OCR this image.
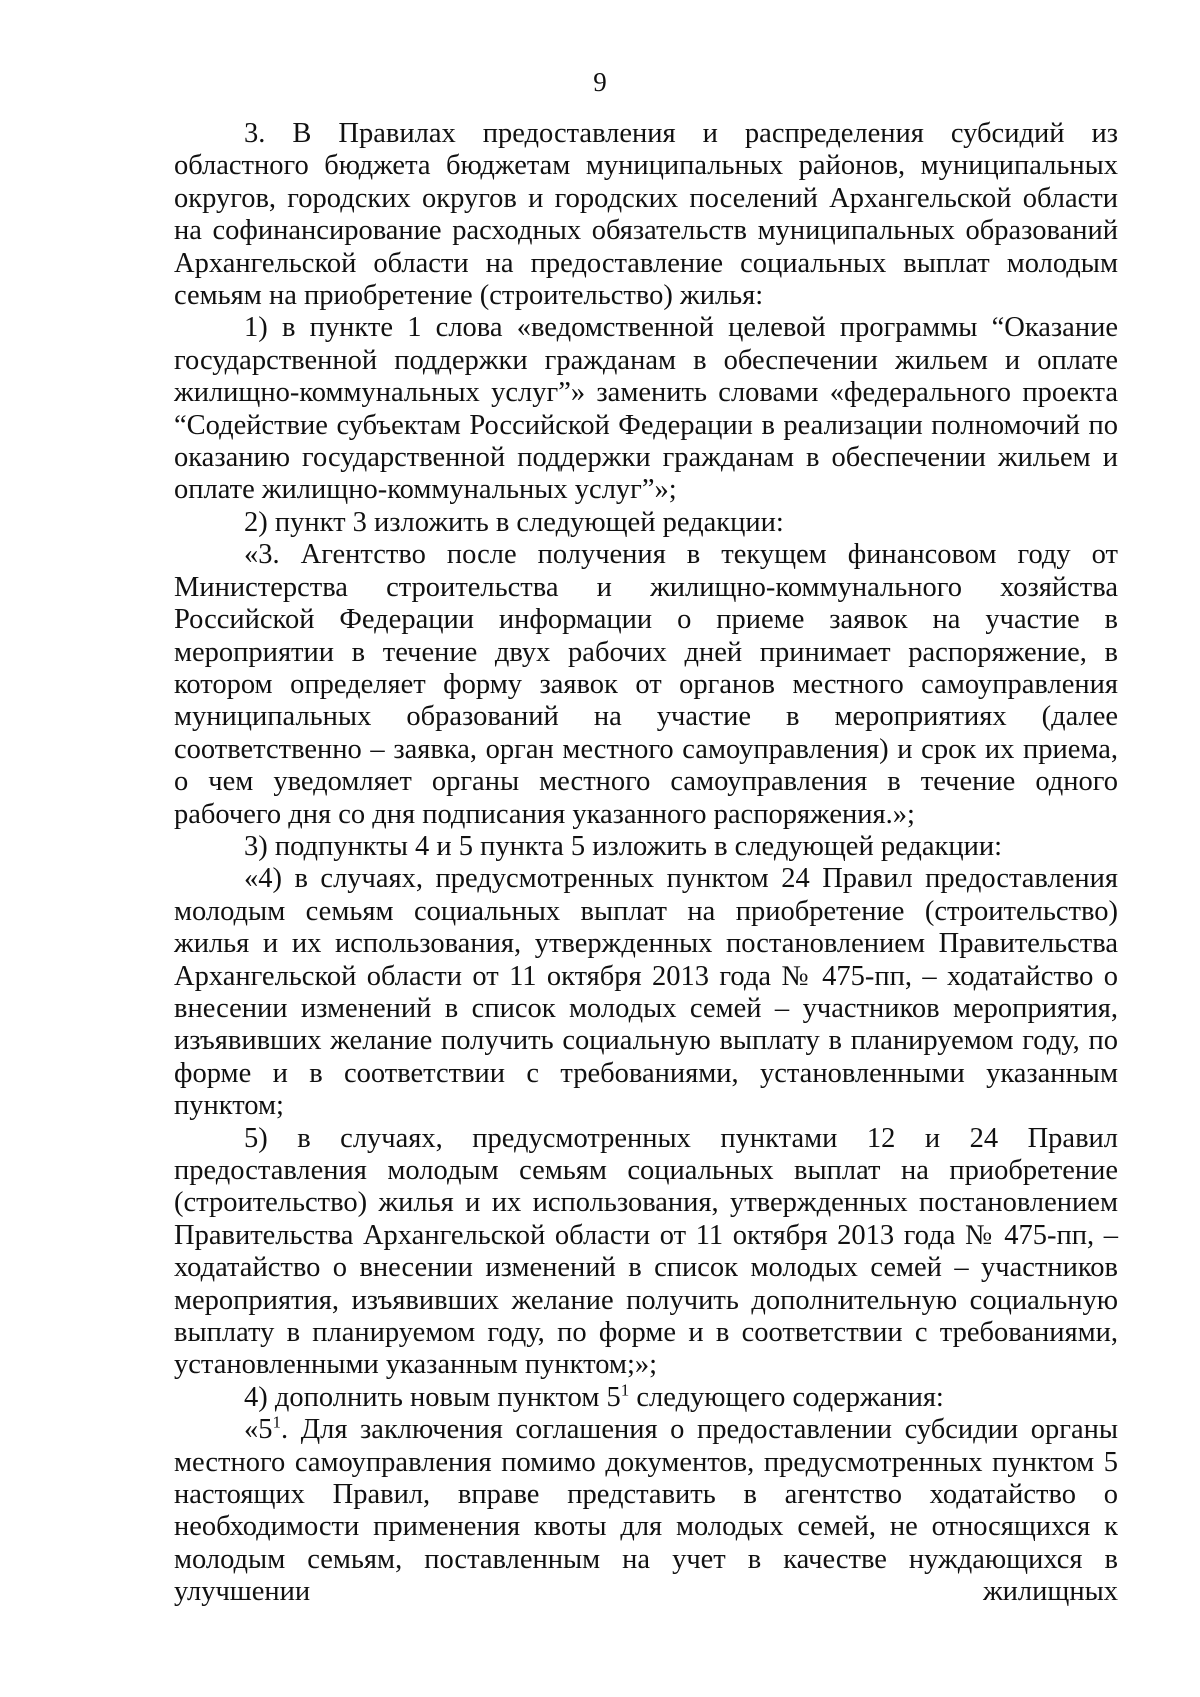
9

3. В Правилах предоставления и распределения субсидий из областного бюджета бюджетам муниципальных районов, муниципальных округов, городских округов и городских поселений Архангельской области на софинансирование расходных обязательств муниципальных образований Архангельской области на предоставление социальных выплат молодым семьям на приобретение (строительство) жилья:

1) в пункте 1 слова «ведомственной целевой программы “Оказание государственной поддержки гражданам в обеспечении жильем и оплате жилищно-коммунальных услуг”» заменить словами «федерального проекта “Содействие субъектам Российской Федерации в реализации полномочий по оказанию государственной поддержки гражданам в обеспечении жильем и оплате жилищно-коммунальных услуг”»;

2) пункт 3 изложить в следующей редакции:

«3. Агентство после получения в текущем финансовом году от Министерства строительства и жилищно-коммунального хозяйства Российской Федерации информации о приеме заявок на участие в мероприятии в течение двух рабочих дней принимает распоряжение, в котором определяет форму заявок от органов местного самоуправления муниципальных образований на участие в мероприятиях (далее соответственно – заявка, орган местного самоуправления) и срок их приема, о чем уведомляет органы местного самоуправления в течение одного рабочего дня со дня подписания указанного распоряжения.»;

3) подпункты 4 и 5 пункта 5 изложить в следующей редакции:

«4) в случаях, предусмотренных пунктом 24 Правил предоставления молодым семьям социальных выплат на приобретение (строительство) жилья и их использования, утвержденных постановлением Правительства Архангельской области от 11 октября 2013 года № 475-пп, – ходатайство о внесении изменений в список молодых семей – участников мероприятия, изъявивших желание получить социальную выплату в планируемом году, по форме и в соответствии с требованиями, установленными указанным пунктом;

5) в случаях, предусмотренных пунктами 12 и 24 Правил предоставления молодым семьям социальных выплат на приобретение (строительство) жилья и их использования, утвержденных постановлением Правительства Архангельской области от 11 октября 2013 года № 475-пп, – ходатайство о внесении изменений в список молодых семей – участников мероприятия, изъявивших желание получить дополнительную социальную выплату в планируемом году, по форме и в соответствии с требованиями, установленными указанным пунктом;»;

4) дополнить новым пунктом $5^1$ следующего содержания:

«$5^1$. Для заключения соглашения о предоставлении субсидии органы местного самоуправления помимо документов, предусмотренных пунктом 5 настоящих Правил, вправе представить в агентство ходатайство о необходимости применения квоты для молодых семей, не относящихся к молодым семьям, поставленным на учет в качестве нуждающихся в улучшении жилищных
